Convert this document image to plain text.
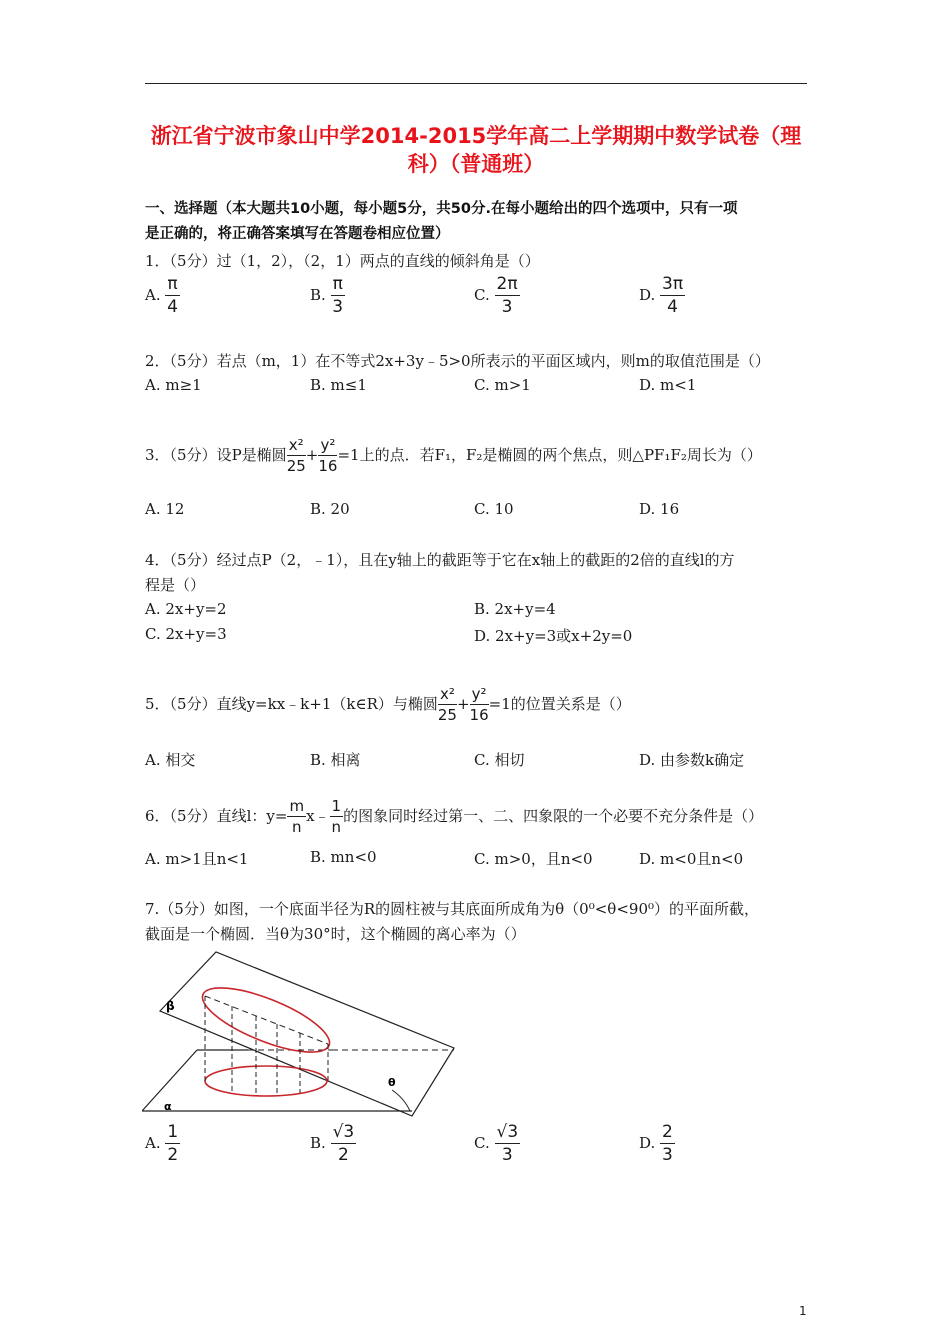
浙江省宁波市象山中学2014-2015学年高二上学期期中数学试卷（理
科）（普通班）
一、选择题（本大题共10小题，每小题5分，共50分.在每小题给出的四个选项中，只有一项
是正确的，将正确答案填写在答题卷相应位置）
1．（5分）过（1，2），（2，1）两点的直线的倾斜角是（）
A. $\frac{\pi}{4}$	B. $\frac{\pi}{3}$	C. $\frac{2\pi}{3}$	D. $\frac{3\pi}{4}$
2．（5分）若点（m，1）在不等式2x+3y﹣5>0所表示的平面区域内，则m的取值范围是（）
A. m≥1	B. m≤1	C. m>1	D. m<1
3．（5分）设P是椭圆 $\frac{\text{x²}}{25} + \frac{\text{y²}}{16} =1$上的点．若F₁，F₂是椭圆的两个焦点，则△PF₁F₂周长为（）
A. 12	B. 20	C. 10	D. 16
4．（5分）经过点P（2，﹣1），且在y轴上的截距等于它在x轴上的截距的2倍的直线l的方
程是（）
A. 2x+y=2	B. 2x+y=4
C. 2x+y=3	D. 2x+y=3或x+2y=0
5．（5分）直线y=kx﹣k+1（k∈R）与椭圆 $\frac{\text{x²}}{25} + \frac{\text{y²}}{16} =1$的位置关系是（）
A. 相交	B. 相离	C. 相切	D. 由参数k确定
6．（5分）直线l：$y= \frac{m}{n}$ x﹣ $\frac{1}{n}$ 的图象同时经过第一、二、四象限的一个必要不充分条件是（）
A. m>1且n<1	B. mn<0	C. m>0，且n<0	D. m<0且n<0
7.（5分）如图，一个底面半径为R的圆柱被与其底面所成角为θ（0⁰<θ<90⁰）的平面所截，
截面是一个椭圆．当θ为30°时，这个椭圆的离心率为（）
β
α
θ
A. $\frac{1}{2}$	B. $\frac{√3}{2}$	C. $\frac{√3}{3}$	D. $\frac{2}{3}$
1
